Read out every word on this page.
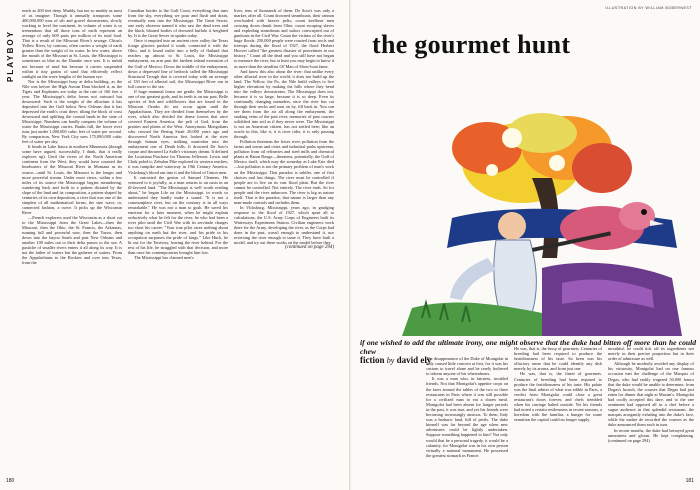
PLAYBOY

reach as 200 feet deep. Muddy, but not so muddy as most of us imagine: Though it annually transports some 400,000,000 tons of silt and gravel downstream, slowly working to level the continent, its volume of water is so tremendous that all those tons of earth represent an average of only 600 parts per million of its total load. That is a result of the Missouri River's sewage. China's Yellow River, by contrast, often carries a weight of earth greater than the weight of its water. In low water, above the mouth of the Missouri at St. Louis, the Mississippi is sometimes as blue as the Danube once was. It is turbid not because of mud but because it carries suspended within it tiny grains of sand that efficiently reflect sunlight on the wave lengths of the human eye.

Nor is the Mississippi busy at delta building, as the Nile was before the High Aswan Dam blocked it, as the Tigris and Euphrates are today at the rate of 160 feet a year. The Mississippi's delta forms not outward but downward: Such is the weight of the alluvium it has deposited into the Gulf below New Orleans that it has depressed the earth's crust there, tilting the block of crust downward and uplifting the coastal lands in the state of Mississippi. Numbers can hardly compass the volume of water the Mississippi carries. Banks full, the lower river runs just under 1,000,000 cubic feet of water per second. By comparison, New York City uses 175,000,000 cubic feet of water per day.

It heads in Lake Itasca in northern Minnesota (though some have argued, successfully, I think, that it really explores up). Until the rivers of the North American continent from the West, they would have counted the headwaters of the Missouri River in Montana as its source—until St. Louis, the Missouri is the longer and more powerful stream. Under most views, within a few miles of its source the Mississippi begins meandering, wandering back and forth in a pattern dictated by the slope of the land and its composition, a pattern shaped by centuries of its own deposition, a river that was one of the simplest of all mathematical forms, the sine wave, or, connected fashion, a curve. It picks up the Wisconsin River

—French explorers used the Wisconsin as a short cut to the Mississippi from the Great Lakes—then the Missouri, then the Ohio, the St. Francis, the Arkansas, running full and powerful now, then the Yazoo, then down into the bayou South and past New Orleans and another 100 miles out to their delta passes to the sea. A pastiche of smaller rivers enters it all along its way. It is not the father of waters but the gatherer of waters. From the Appalachians to the Rockies and over into Texas, from the

Canadian border to the Gulf Coast, everything that runs from the sky, everything we pour and flush and drain, eventually runs into the Mississippi. The Great Sewer, one early observer named it who saw the dead trees and the black, bloated bodies of drowned buffalo it freighted by. It is the Great Sewer in spades today.

Once it emptied into an ancient river valley the Texas forage glaciers pushed it south, connected it with the Ohio, and it found outlet into a belly of flatland that reaches up almost to St. Louis, the Mississippi embayment, an arm past the farthest inland extension of the Gulf of Mexico. Down the middle of the embayment, down a depressed line of bedrock called the Mississippi Structural Trough that is covered today with an average of 150 feet of alluvial soil, the Mississippi River ran in full course to the sea.

If huge mammal forms are gentle, the Mississippi is one of our greatest gods, and its teeth is on our past. Belle species of fish and wildflowers that are found in the Missouri Ozarks do not occur again until the Appalachians. They are divided from themselves by the river, which also divided the dense forests that once covered Eastern America, the pelt of God, from the prairies and plains of the West. Anonymous Mongolians who crossed the Bering Strait 20,000 years ago and discovered North America first looked at the river through human eyes, stalking mastodon into the embayment one of Death hills. It drowned De Soto's corpse and thwarted La Salle's visionary dream. It defined the Louisiana Purchase for Thomas Jefferson. Lewis and Clark poled it; Zebulon Pike explored its western reaches; it was turnpike and waterway in 19th Century America. Vicksburg's blood ran into it and the blood of Union men.

It outcasted the genius of Samuel Clemens. He ventured to it joyfully, as a man returns to an oasis in an ill-favored land. "The Mississippi is well worth reading about," he began Life on the Mississippi, in words so understated they hardly make a sound. "It is not a commonplace river, but on the contrary is in all ways remarkable." He was not a man to gush. He saved his emotion for a later moment, when he might explain seductively what he felt for the river, he who had been a river pilot until the Civil War with its servitude charges too short his career: "Your true pilot cares nothing about anything on earth but the river, and his pride in his occupation surpasses the pride of kings." Like Huck, he lit out for the Territory, leaving the river behind. For the rest of his life, he struggled with that decision, and more than once his contemporaries brought him low.

The Mississippi has claimed men's

lives, tens of thousands of them: De Soto's was only a marker, after all. Count drowned steamboats, their cannon overloaded with heaver pelts; count keelboat men crossing down drunk from Ohio; count escaping slaves and exploding steamboats and sailors conscripted out of gunboats in the Civil War. Count the victims of the river's huge floods: 250,000 people were rousted from roofs and treetops during the flood of 1927, the flood Herbert Hoover called "the greatest disaster of peacetimes in our history." Count all the dead and you still have not begun to measure the river, but at least you may begin to know it as more than the steadfast Ol' Man of Show-boat fame.

And know this also about the river: that unlike every other alluvial river in the world, it does not build up the land. The Yellow, the Po, the Nile build valleys to live higher elevations by making the hills where they bend into the valleys downstream. The Mississippi does not, because it is so large, because it is so deep. Even its continually changing meanders, once the river has cut through their necks and runs on by, fill back in. You can see them from the air all along the embayment, the snaking veins of the past river, memories of past courses solidified into soil as if they never were. The Mississippi is not an American citizen, has not settled here; like an oracle in this, like it, it is river rider, it is only passing through.

Pollution threatens the lower river, pollution from the farms and towns and cities and industrial parks upstream, pollution from oil refineries and steel mills and chemical plants at Baton Rouge—threatens, potentially, the Gulf of Mexico itself, which may die someday as Lake Erie died—but pollution is not the primary problem of man's work on the Mississippi. That paradox is subtler, one of first choices and last things. The river must be controlled if people are to live on its vast flood plain. But the river cannot be controlled. Not entirely. The river ends. So for people and the river unknown. The river is big as nature itself. That is the paradox, that nature is larger than any man-made controls and includes them.

In Vicksburg, Mississippi, years ago, in grudging response to the flood of 1927, which spurt all to calculations, the U.S. Army Corps of Engineers built its Waterways Experiment Station. Civilian engineers work there for the Army, developing the river, as the Corps had done in the past, wasn't enough to understand it, nor reversing the river enough to tame it. They have built a model, and try out there works on the model before they

(continued on page 294)

180
ILLUSTRATION BY WILLIAM BOBERNEST
the gourmet hunt
if one wished to add the ultimate irony, one might observe that the duke had bitten off more than he could chew
fiction by david ely

The disappearance of the Duke of Montgolat in Italy caused little concern at first, for it was his custom to travel alone and be rarely bothered to inform anyone of his whereabouts.

It was a man who, in fairness, troubled friends. Not that Montgolat's appetite crops on the fares around the tables of the two or three restaurants in Paris where it was still possible for a civilized man to eat a dozen meal. Montgolat had been absent for longer periods in the past, it was true, and yet his friends were becoming increasingly anxious. To them, Italy was a barbaric land, full of perils. The duke himself was far beyond the age when new adventures could be lightly undertaken. Suppose something happened to him? Not only would that be a personal tragedy, it would be a calamity, for Montgolat was in his own person virtually a national monument. He possessed the greatest stomach in France.

He was, that is, the fussy of gourmets. Centuries of breeding had been required to produce the fastidiousness of his taste. So keen was his olfactory sense that he could identify any dish merely by its aroma, and from just one

He was, that is, the finest of gourmets. Centuries of breeding had been required to produce the fastidiousness of his taste. His palate was the final arbiter of what was edible in Paris, a verdict from Montgolat could close a great restaurant's doors forever, and chefs trembled when his carriage halted outside. Yet his friends had noted a certain restlessness in recent seasons, a boredom with the familiar, a hunger for some sensation the capital could no longer supply.

mouthful, he could tick off its ingredients not merely in their precise proportion but in their order of admixture as well.

Although he modestly avoided any display of his virtuosity, Montgolat had on one famous occasion met the challenge of the Marquis of Degas, who had rashly wagered 50,000 francs that the duke would be unable to determine, from Degas's broach, the courses that Degas had just eaten for dinner that night at Maxim's. Montgolat had coolly accepted this dare, and to the one sentiment had opposed all in a chef before a vague audience in that splendid restaurant, the marquis arrogantly exhaling into the duke's face, while the maître de recorded the courses as the duke announced them each in turn.

In recent months, the duke had betrayed great uneasiness and gloom. He kept complaining. (continued on page 294)

181
